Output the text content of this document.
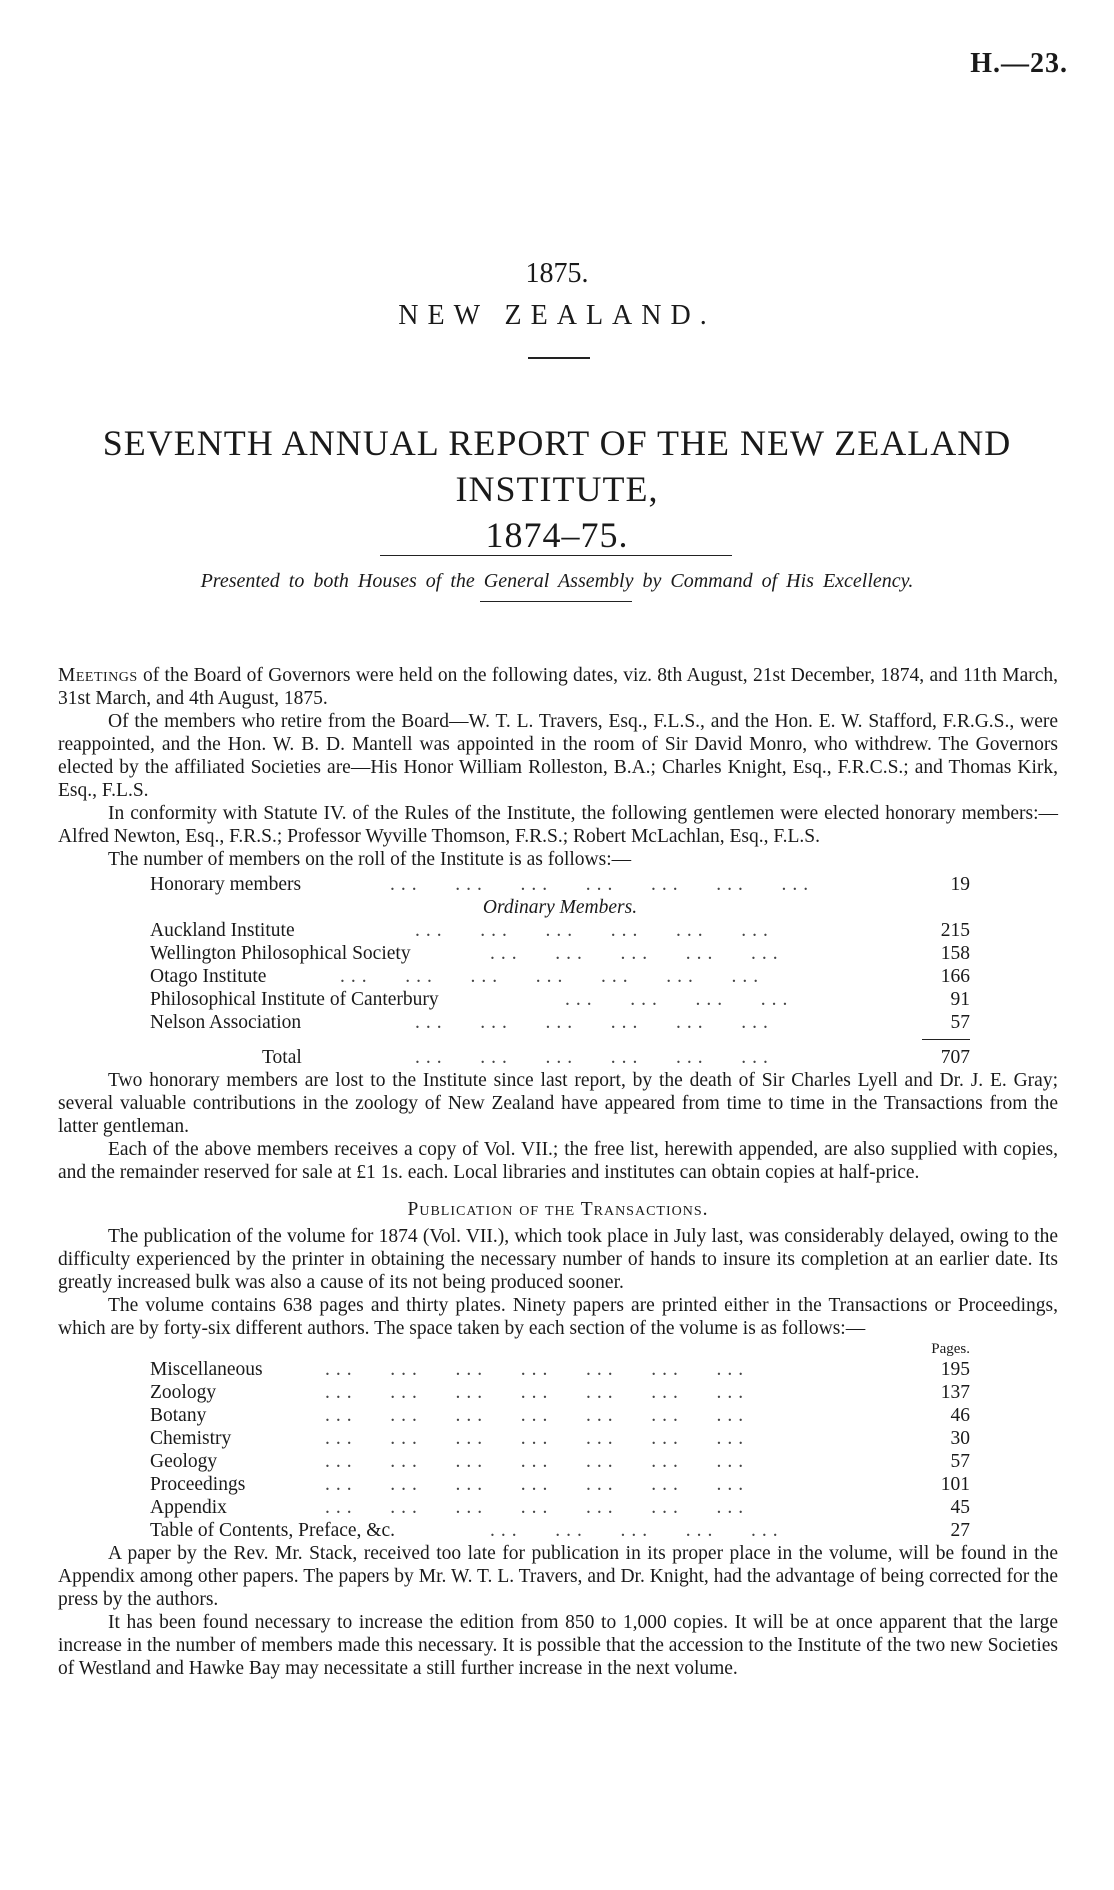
H.—23.
1875.
NEW ZEALAND.
SEVENTH ANNUAL REPORT OF THE NEW ZEALAND INSTITUTE,
1874–75.
Presented to both Houses of the General Assembly by Command of His Excellency.

Meetings of the Board of Governors were held on the following dates, viz. 8th August, 21st December, 1874, and 11th March, 31st March, and 4th August, 1875.

Of the members who retire from the Board—W. T. L. Travers, Esq., F.L.S., and the Hon. E. W. Stafford, F.R.G.S., were reappointed, and the Hon. W. B. D. Mantell was appointed in the room of Sir David Monro, who withdrew. The Governors elected by the affiliated Societies are—His Honor William Rolleston, B.A.; Charles Knight, Esq., F.R.C.S.; and Thomas Kirk, Esq., F.L.S.

In conformity with Statute IV. of the Rules of the Institute, the following gentlemen were elected honorary members:—Alfred Newton, Esq., F.R.S.; Professor Wyville Thomson, F.R.S.; Robert McLachlan, Esq., F.L.S.

The number of members on the roll of the Institute is as follows:—

Honorary members	...   ...   ...   ...   ...   ...   ...	19
Ordinary Members.
Auckland Institute	...   ...   ...   ...   ...   ...	215
Wellington Philosophical Society	...   ...   ...   ...   ...	158
Otago Institute	...   ...   ...   ...   ...   ...   ...	166
Philosophical Institute of Canterbury	...   ...   ...   ...	91
Nelson Association	...   ...   ...   ...   ...   ...	57
Total	...   ...   ...   ...   ...   ...	707

Two honorary members are lost to the Institute since last report, by the death of Sir Charles Lyell and Dr. J. E. Gray; several valuable contributions in the zoology of New Zealand have appeared from time to time in the Transactions from the latter gentleman.

Each of the above members receives a copy of Vol. VII.; the free list, herewith appended, are also supplied with copies, and the remainder reserved for sale at £1 1s. each. Local libraries and institutes can obtain copies at half-price.

Publication of the Transactions.

The publication of the volume for 1874 (Vol. VII.), which took place in July last, was considerably delayed, owing to the difficulty experienced by the printer in obtaining the necessary number of hands to insure its completion at an earlier date. Its greatly increased bulk was also a cause of its not being produced sooner.

The volume contains 638 pages and thirty plates. Ninety papers are printed either in the Transactions or Proceedings, which are by forty-six different authors. The space taken by each section of the volume is as follows:—

Pages.
Miscellaneous	...   ...   ...   ...   ...   ...   ...	195
Zoology	...   ...   ...   ...   ...   ...   ...	137
Botany	...   ...   ...   ...   ...   ...   ...	46
Chemistry	...   ...   ...   ...   ...   ...   ...	30
Geology	...   ...   ...   ...   ...   ...   ...	57
Proceedings	...   ...   ...   ...   ...   ...   ...	101
Appendix	...   ...   ...   ...   ...   ...   ...	45
Table of Contents, Preface, &c.	...   ...   ...   ...   ...	27

A paper by the Rev. Mr. Stack, received too late for publication in its proper place in the volume, will be found in the Appendix among other papers. The papers by Mr. W. T. L. Travers, and Dr. Knight, had the advantage of being corrected for the press by the authors.

It has been found necessary to increase the edition from 850 to 1,000 copies. It will be at once apparent that the large increase in the number of members made this necessary. It is possible that the accession to the Institute of the two new Societies of Westland and Hawke Bay may necessitate a still further increase in the next volume.
